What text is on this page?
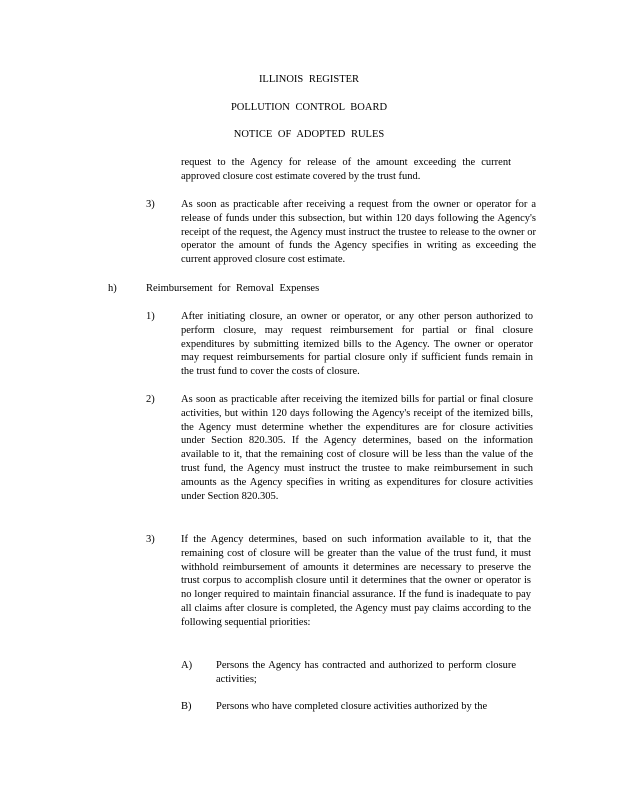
ILLINOIS REGISTER
POLLUTION CONTROL BOARD
NOTICE OF ADOPTED RULES

request to the Agency for release of the amount exceeding the current approved closure cost estimate covered by the trust fund.

3)	As soon as practicable after receiving a request from the owner or operator for a release of funds under this subsection, but within 120 days following the Agency's receipt of the request, the Agency must instruct the trustee to release to the owner or operator the amount of funds the Agency specifies in writing as exceeding the current approved closure cost estimate.

h)	Reimbursement for Removal Expenses
1)	After initiating closure, an owner or operator, or any other person authorized to perform closure, may request reimbursement for partial or final closure expenditures by submitting itemized bills to the Agency. The owner or operator may request reimbursements for partial closure only if sufficient funds remain in the trust fund to cover the costs of closure.

2)	As soon as practicable after receiving the itemized bills for partial or final closure activities, but within 120 days following the Agency's receipt of the itemized bills, the Agency must determine whether the expenditures are for closure activities under Section 820.305. If the Agency determines, based on the information available to it, that the remaining cost of closure will be less than the value of the trust fund, the Agency must instruct the trustee to make reimbursement in such amounts as the Agency specifies in writing as expenditures for closure activities under Section 820.305.

3)	If the Agency determines, based on such information available to it, that the remaining cost of closure will be greater than the value of the trust fund, it must withhold reimbursement of amounts it determines are necessary to preserve the trust corpus to accomplish closure until it determines that the owner or operator is no longer required to maintain financial assurance. If the fund is inadequate to pay all claims after closure is completed, the Agency must pay claims according to the following sequential priorities:

A) Persons the Agency has contracted and authorized to perform closure activities;

B) Persons who have completed closure activities authorized by the
